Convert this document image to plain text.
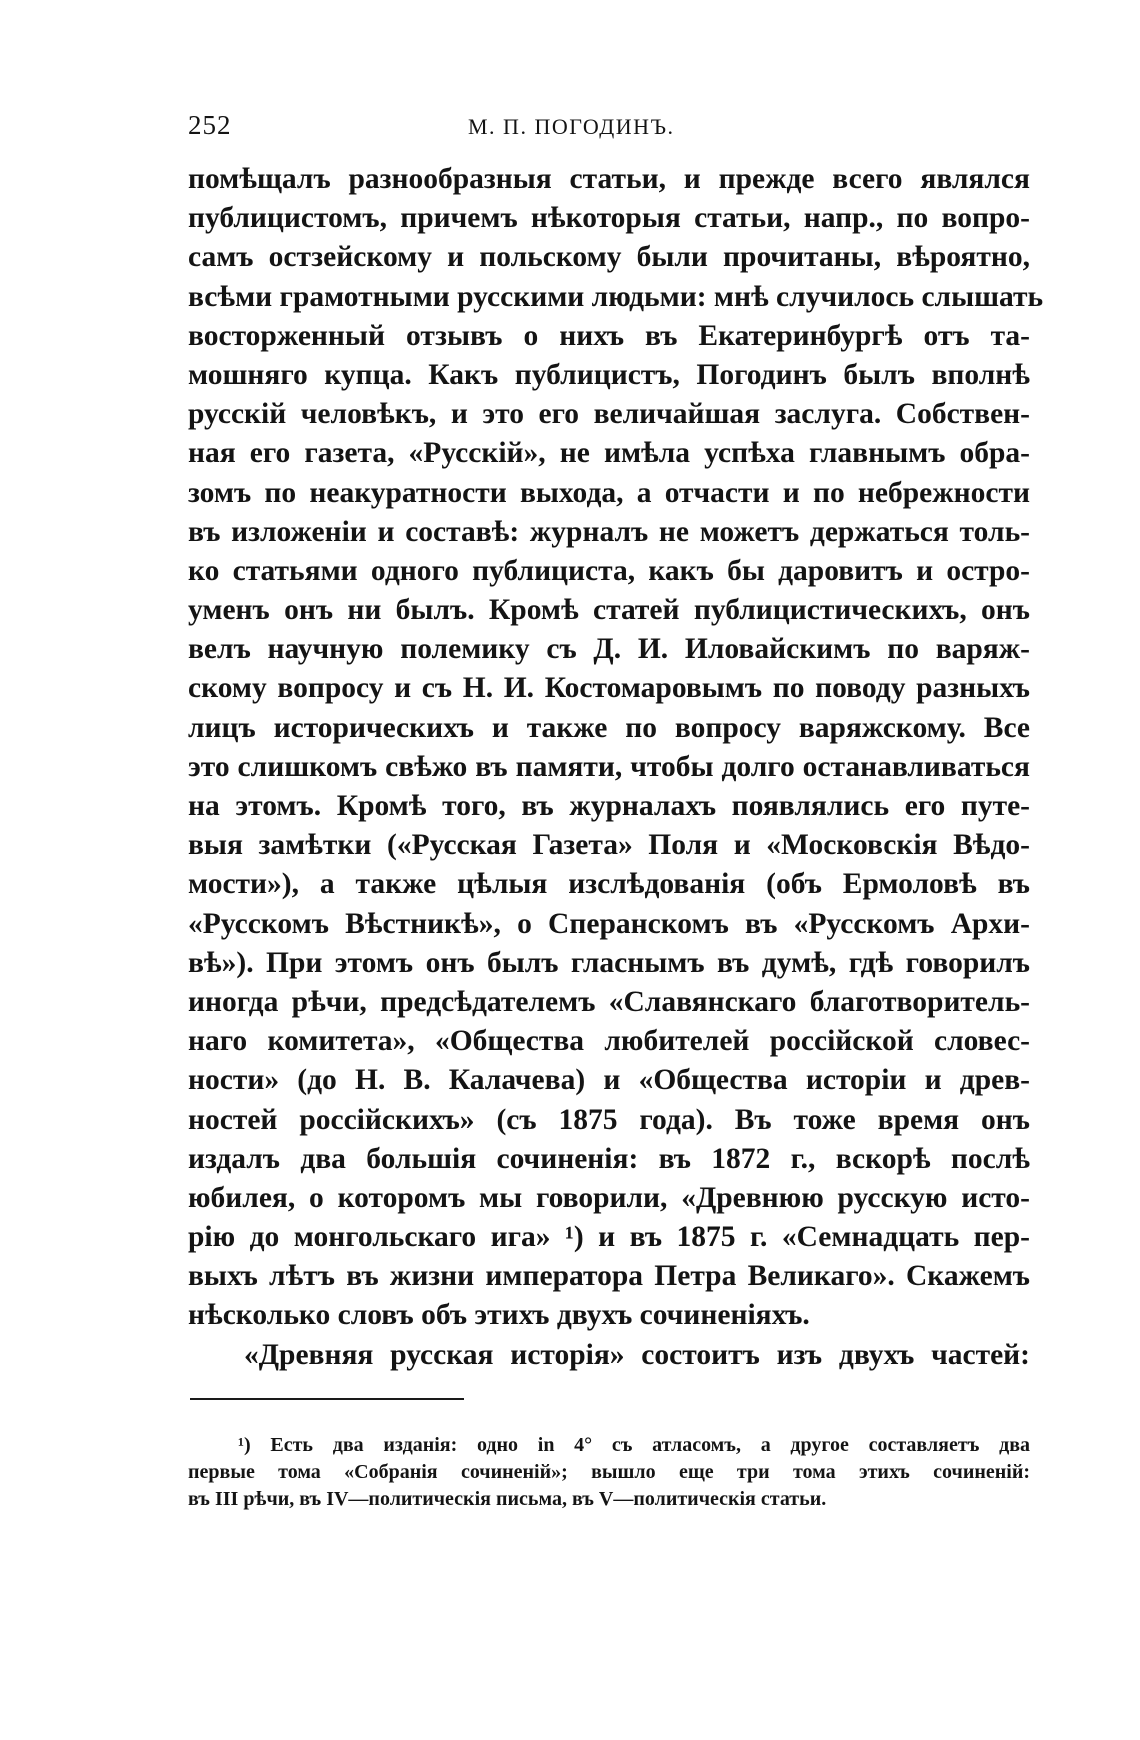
252	М. П. ПОГОДИНЪ.
помѣщалъ разнообразныя статьи, и прежде всего являлся
публицистомъ, причемъ нѣкоторыя статьи, напр., по вопро-
самъ остзейскому и польскому были прочитаны, вѣроятно,
всѣми грамотными русскими людьми: мнѣ случилось слышать
восторженный отзывъ о нихъ въ Екатеринбургѣ отъ та-
мошняго купца. Какъ публицистъ, Погодинъ былъ вполнѣ
русскій человѣкъ, и это его величайшая заслуга. Собствен-
ная его газета, «Русскій», не имѣла успѣха главнымъ обра-
зомъ по неакуратности выхода, а отчасти и по небрежности
въ изложеніи и составѣ: журналъ не можетъ держаться толь-
ко статьями одного публициста, какъ бы даровитъ и остро-
уменъ онъ ни былъ. Кромѣ статей публицистическихъ, онъ
велъ научную полемику съ Д. И. Иловайскимъ по варяж-
скому вопросу и съ Н. И. Костомаровымъ по поводу разныхъ
лицъ историческихъ и также по вопросу варяжскому. Все
это слишкомъ свѣжо въ памяти, чтобы долго останавливаться
на этомъ. Кромѣ того, въ журналахъ появлялись его путе-
выя замѣтки («Русская Газета» Поля и «Московскія Вѣдо-
мости»), а также цѣлыя изслѣдованія (объ Ермоловѣ въ
«Русскомъ Вѣстникѣ», о Сперанскомъ въ «Русскомъ Архи-
вѣ»). При этомъ онъ былъ гласнымъ въ думѣ, гдѣ говорилъ
иногда рѣчи, предсѣдателемъ «Славянскаго благотворитель-
наго комитета», «Общества любителей россійской словес-
ности» (до Н. В. Калачева) и «Общества исторіи и древ-
ностей россійскихъ» (съ 1875 года). Въ тоже время онъ
издалъ два большія сочиненія: въ 1872 г., вскорѣ послѣ
юбилея, о которомъ мы говорили, «Древнюю русскую исто-
рію до монгольскаго ига» ¹) и въ 1875 г. «Семнадцать пер-
выхъ лѣтъ въ жизни императора Петра Великаго». Скажемъ
нѣсколько словъ объ этихъ двухъ сочиненіяхъ.
«Древняя русская исторія» состоитъ изъ двухъ частей:
¹) Есть два изданія: одно in 4° съ атласомъ, а другое составляетъ два
первые тома «Собранія сочиненій»; вышло еще три тома этихъ сочиненій:
въ III рѣчи, въ IV—политическія письма, въ V—политическія статьи.
